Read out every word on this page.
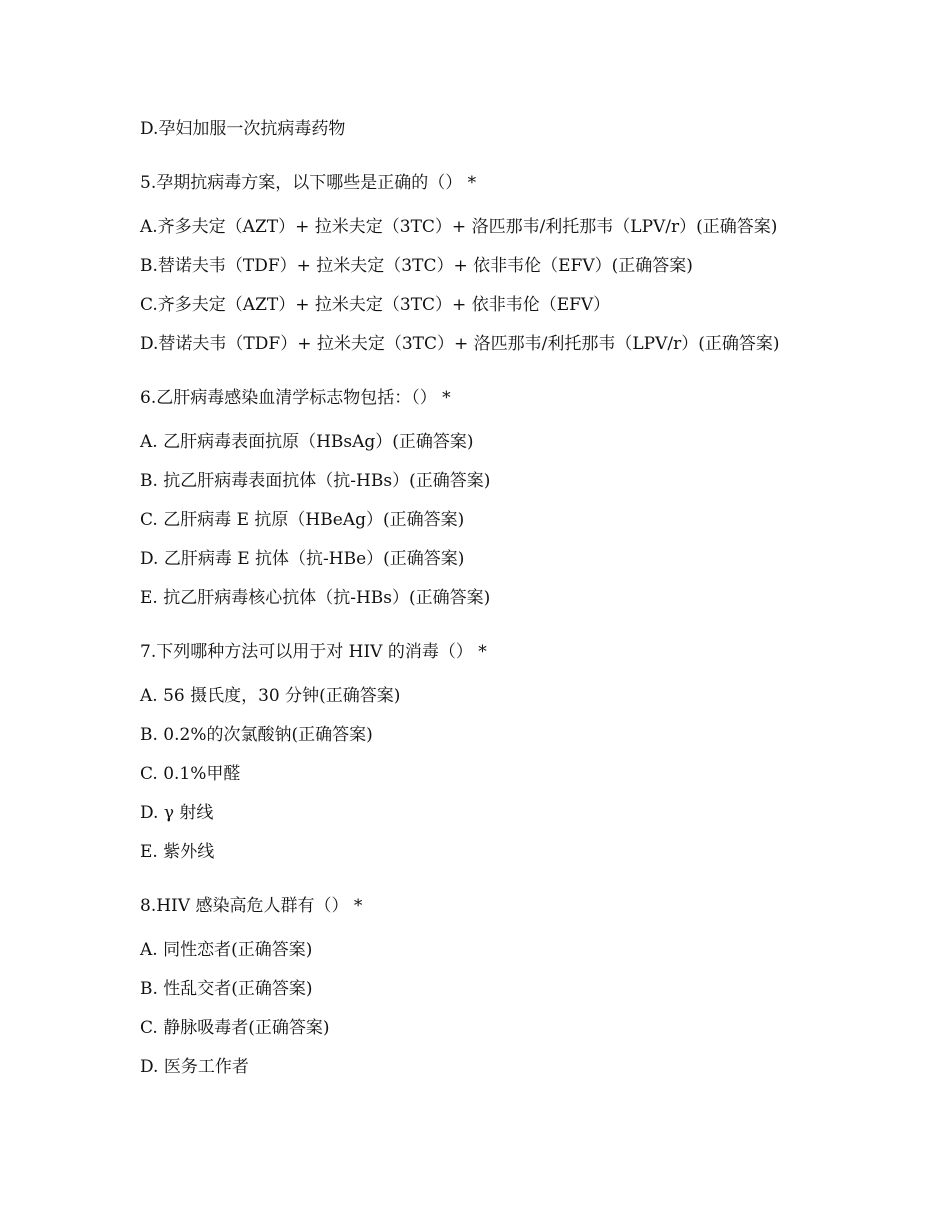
D.孕妇加服一次抗病毒药物
5.孕期抗病毒方案，以下哪些是正确的（） *
A.齐多夫定（AZT）+ 拉米夫定（3TC）+ 洛匹那韦/利托那韦（LPV/r）(正确答案)
B.替诺夫韦（TDF）+ 拉米夫定（3TC）+ 依非韦伦（EFV）(正确答案)
C.齐多夫定（AZT）+ 拉米夫定（3TC）+ 依非韦伦（EFV）
D.替诺夫韦（TDF）+ 拉米夫定（3TC）+ 洛匹那韦/利托那韦（LPV/r）(正确答案)
6.乙肝病毒感染血清学标志物包括：（） *
A. 乙肝病毒表面抗原（HBsAg）(正确答案)
B. 抗乙肝病毒表面抗体（抗-HBs）(正确答案)
C. 乙肝病毒 E 抗原（HBeAg）(正确答案)
D. 乙肝病毒 E 抗体（抗-HBe）(正确答案)
E. 抗乙肝病毒核心抗体（抗-HBs）(正确答案)
7.下列哪种方法可以用于对 HIV 的消毒（） *
A. 56 摄氏度，30 分钟(正确答案)
B. 0.2%的次氯酸钠(正确答案)
C. 0.1%甲醛
D. γ 射线
E. 紫外线
8.HIV 感染高危人群有（） *
A. 同性恋者(正确答案)
B. 性乱交者(正确答案)
C. 静脉吸毒者(正确答案)
D. 医务工作者
